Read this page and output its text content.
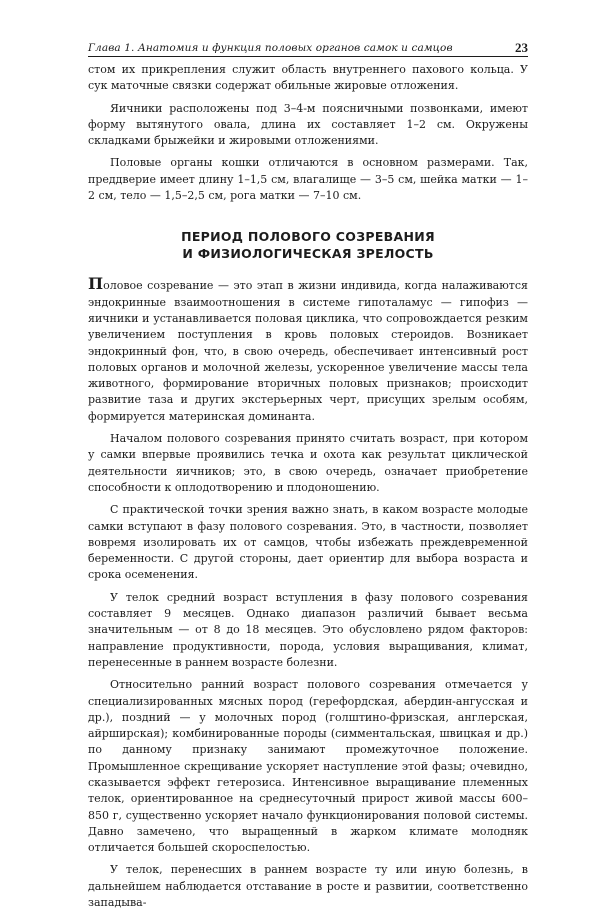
Глава 1. Анатомия и функция половых органов самок и самцов	23

стом их прикрепления служит область внутреннего пахового кольца. У сук маточные связки содержат обильные жировые отложения.

Яичники расположены под 3–4-м поясничными позвонками, имеют форму вытянутого овала, длина их составляет 1–2 см. Окружены складками брыжейки и жировыми отложениями.

Половые органы кошки отличаются в основном размерами. Так, преддверие имеет длину 1–1,5 см, влагалище — 3–5 см, шейка матки — 1–2 см, тело — 1,5–2,5 см, рога матки — 7–10 см.

ПЕРИОД ПОЛОВОГО СОЗРЕВАНИЯ
И ФИЗИОЛОГИЧЕСКАЯ ЗРЕЛОСТЬ

Половое созревание — это этап в жизни индивида, когда налаживаются эндокринные взаимоотношения в системе гипоталамус — гипофиз — яичники и устанавливается половая циклика, что сопровождается резким увеличением поступления в кровь половых стероидов. Возникает эндокринный фон, что, в свою очередь, обеспечивает интенсивный рост половых органов и молочной железы, ускоренное увеличение массы тела животного, формирование вторичных половых признаков; происходит развитие таза и других экстерьерных черт, присущих зрелым особям, формируется материнская доминанта.

Началом полового созревания принято считать возраст, при котором у самки впервые проявились течка и охота как результат циклической деятельности яичников; это, в свою очередь, означает приобретение способности к оплодотворению и плодоношению.

С практической точки зрения важно знать, в каком возрасте молодые самки вступают в фазу полового созревания. Это, в частности, позволяет вовремя изолировать их от самцов, чтобы избежать преждевременной беременности. С другой стороны, дает ориентир для выбора возраста и срока осеменения.

У телок средний возраст вступления в фазу полового созревания составляет 9 месяцев. Однако диапазон различий бывает весьма значительным — от 8 до 18 месяцев. Это обусловлено рядом факторов: направление продуктивности, порода, условия выращивания, климат, перенесенные в раннем возрасте болезни.

Относительно ранний возраст полового созревания отмечается у специализированных мясных пород (герефордская, абердин-ангусская и др.), поздний — у молочных пород (голштино-фризская, англерская, айрширская); комбинированные породы (симментальская, швицкая и др.) по данному признаку занимают промежуточное положение. Промышленное скрещивание ускоряет наступление этой фазы; очевидно, сказывается эффект гетерозиса. Интенсивное выращивание племенных телок, ориентированное на среднесуточный прирост живой массы 600–850 г, существенно ускоряет начало функционирования половой системы. Давно замечено, что выращенный в жарком климате молодняк отличается большей скороспелостью.

У телок, перенесших в раннем возрасте ту или иную болезнь, в дальнейшем наблюдается отставание в росте и развитии, соответственно западыва-
